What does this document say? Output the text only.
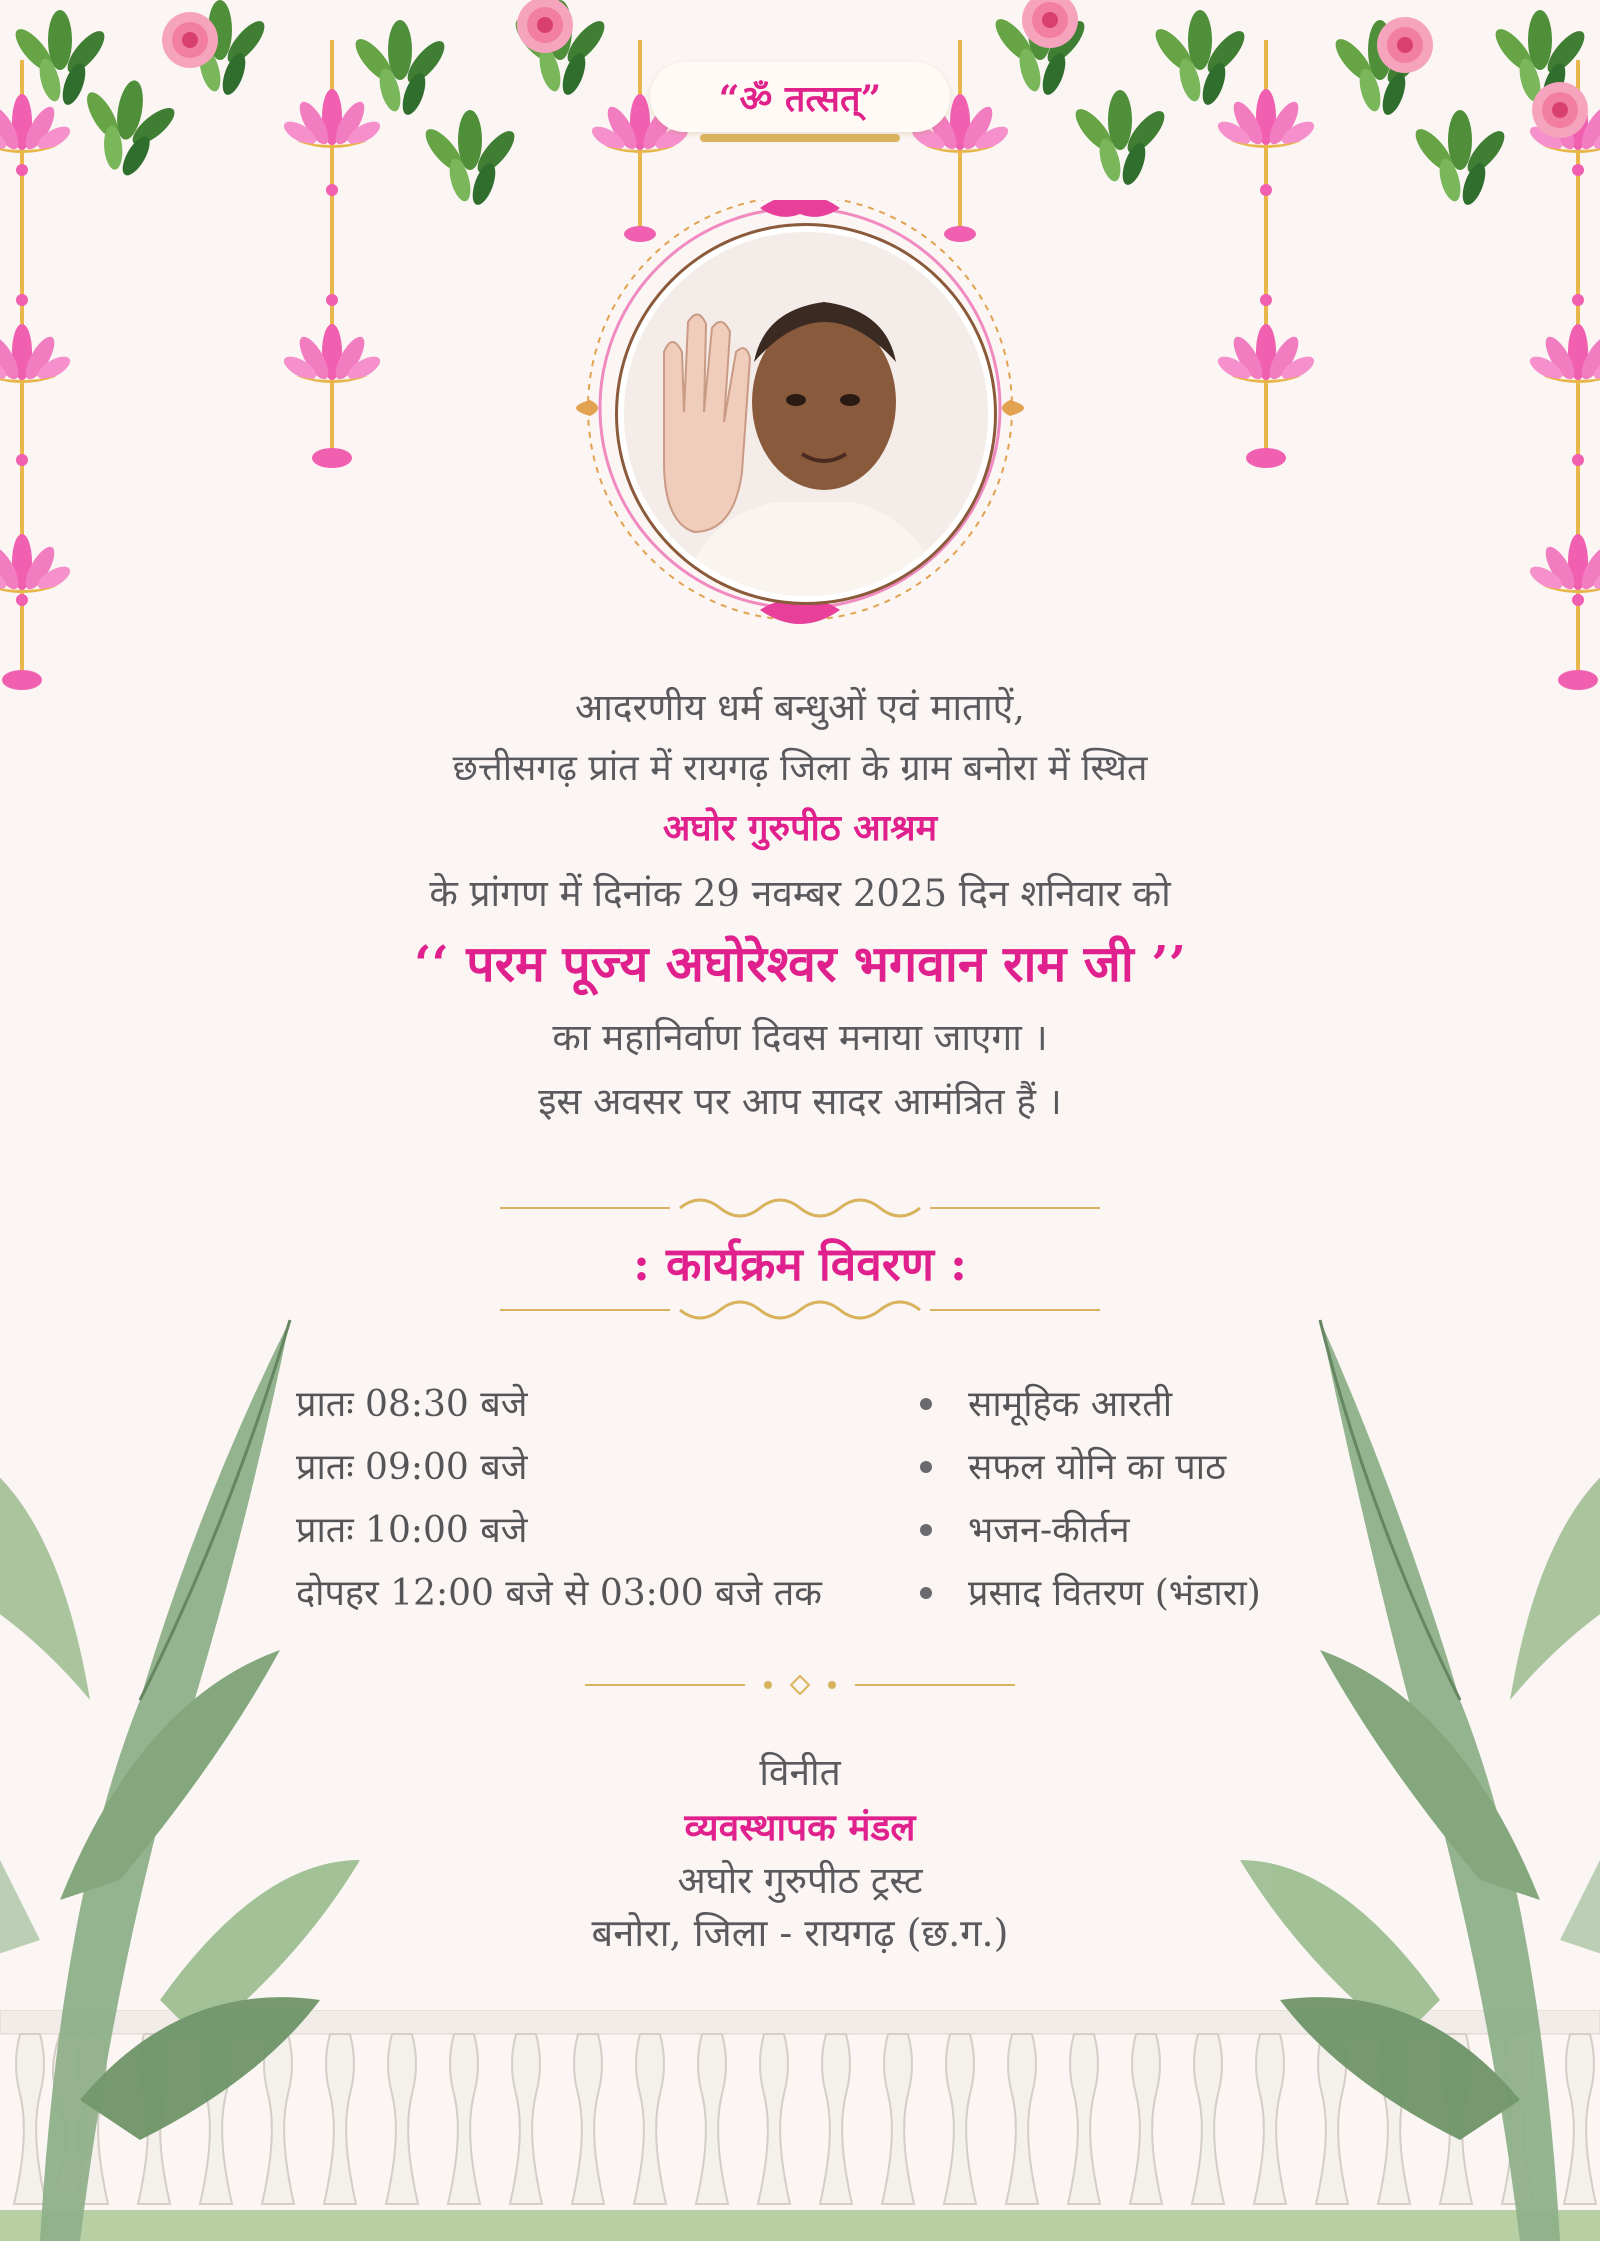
“ॐ तत्सत्”
आदरणीय धर्म बन्धुओं एवं माताऐं,
छत्तीसगढ़ प्रांत में रायगढ़ जिला के ग्राम बनोरा में स्थित
अघोर गुरुपीठ आश्रम
के प्रांगण में दिनांक 29 नवम्बर 2025 दिन शनिवार को
‘‘ परम पूज्य अघोरेश्वर भगवान राम जी ’’
का महानिर्वाण दिवस मनाया जाएगा ।
इस अवसर पर आप सादर आमंत्रित हैं ।
: कार्यक्रम विवरण :
प्रातः 08:30 बजे	सामूहिक आरती
प्रातः 09:00 बजे	सफल योनि का पाठ
प्रातः 10:00 बजे	भजन-कीर्तन
दोपहर 12:00 बजे से 03:00 बजे तक	प्रसाद वितरण (भंडारा)
विनीत
व्यवस्थापक मंडल
अघोर गुरुपीठ ट्रस्ट
बनोरा, जिला - रायगढ़ (छ.ग.)
